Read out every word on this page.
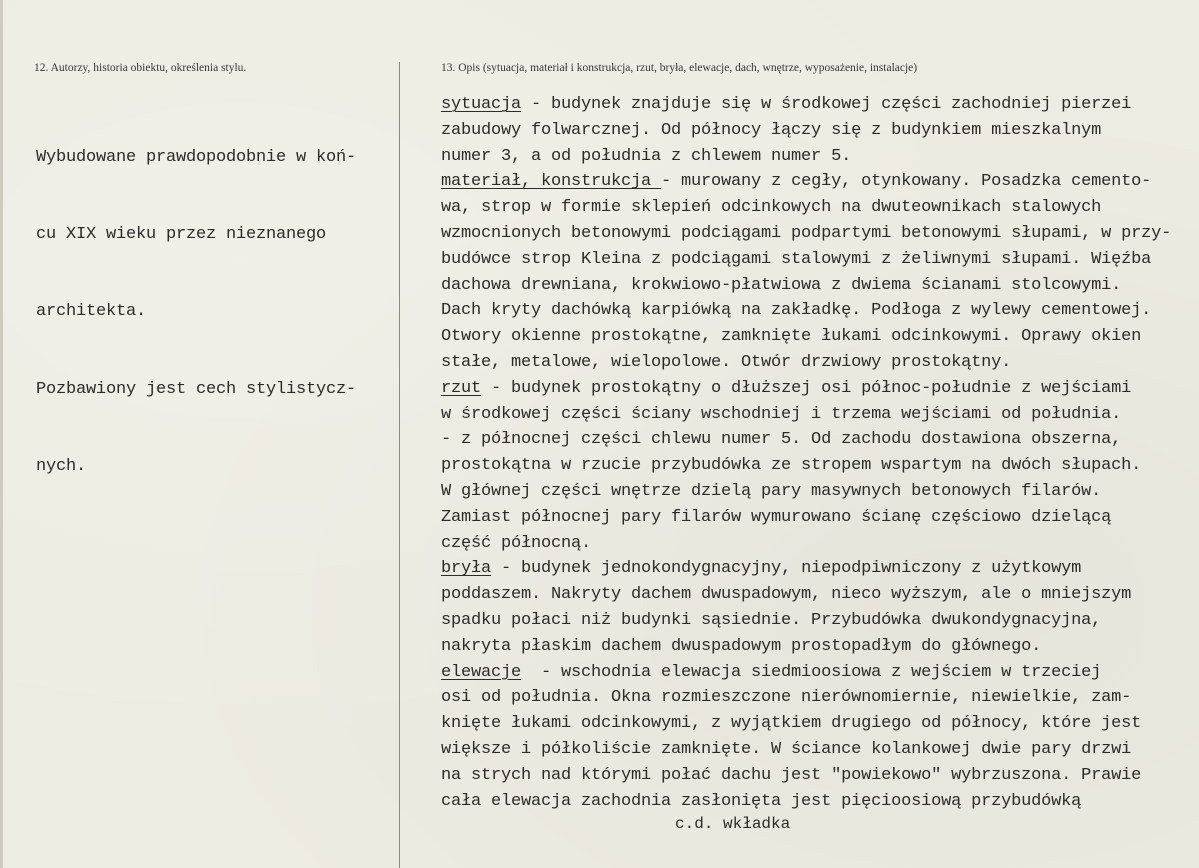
12. Autorzy, historia obiektu, określenia stylu.	13. Opis (sytuacja, materiał i konstrukcja, rzut, bryła, elewacje, dach, wnętrze, wyposażenie, instalacje)

Wybudowane prawdopodobnie w koń-

cu XIX wieku przez nieznanego

architekta.

Pozbawiony jest cech stylistycz-

nych.

sytuacja - budynek znajduje się w środkowej części zachodniej pierzei
zabudowy folwarcznej. Od północy łączy się z budynkiem mieszkalnym
numer 3, a od południa z chlewem numer 5.
materiał, konstrukcja - murowany z cegły, otynkowany. Posadzka cemento-
wa, strop w formie sklepień odcinkowych na dwuteownikach stalowych
wzmocnionych betonowymi podciągami podpartymi betonowymi słupami, w przy-
budówce strop Kleina z podciągami stalowymi z żeliwnymi słupami. Więźba
dachowa drewniana, krokwiowo-płatwiowa z dwiema ścianami stolcowymi.
Dach kryty dachówką karpiówką na zakładkę. Podłoga z wylewy cementowej.
Otwory okienne prostokątne, zamknięte łukami odcinkowymi. Oprawy okien
stałe, metalowe, wielopolowe. Otwór drzwiowy prostokątny.
rzut - budynek prostokątny o dłuższej osi północ-południe z wejściami
w środkowej części ściany wschodniej i trzema wejściami od południa.
- z północnej części chlewu numer 5. Od zachodu dostawiona obszerna,
prostokątna w rzucie przybudówka ze stropem wspartym na dwóch słupach.
W głównej części wnętrze dzielą pary masywnych betonowych filarów.
Zamiast północnej pary filarów wymurowano ścianę częściowo dzielącą
część północną.
bryła - budynek jednokondygnacyjny, niepodpiwniczony z użytkowym
poddaszem. Nakryty dachem dwuspadowym, nieco wyższym, ale o mniejszym
spadku połaci niż budynki sąsiednie. Przybudówka dwukondygnacyjna,
nakryta płaskim dachem dwuspadowym prostopadłym do głównego.
elewacje  - wschodnia elewacja siedmioosiowa z wejściem w trzeciej
osi od południa. Okna rozmieszczone nierównomiernie, niewielkie, zam-
knięte łukami odcinkowymi, z wyjątkiem drugiego od północy, które jest
większe i półkoliście zamknięte. W ściance kolankowej dwie pary drzwi
na strych nad którymi połać dachu jest "powiekowo" wybrzuszona. Prawie
cała elewacja zachodnia zasłonięta jest pięcioosiową przybudówką
c.d. wkładka
